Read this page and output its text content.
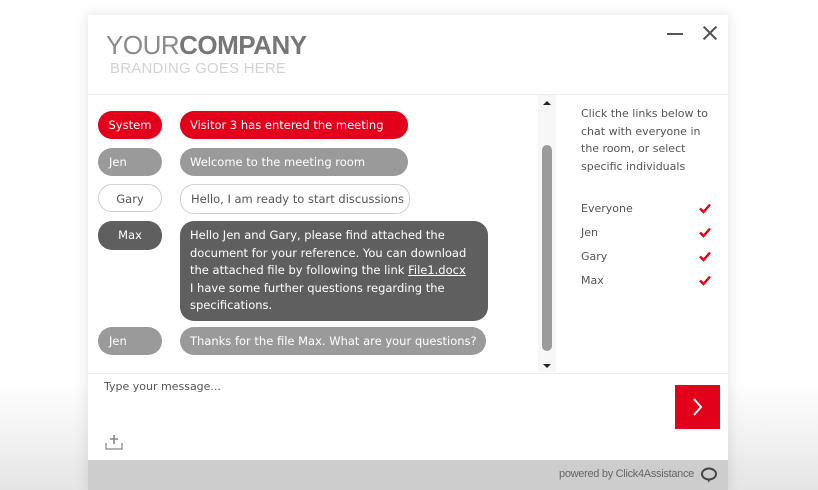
YOURCOMPANY
BRANDING GOES HERE
System	Visitor 3 has entered the meeting
Jen	Welcome to the meeting room
Gary	Hello, I am ready to start discussions
Max	Hello Jen and Gary, please find attached the document for your reference. You can download the attached file by following the link File1.docx
I have some further questions regarding the specifications.
Jen	Thanks for the file Max. What are your questions?
Click the links below to chat with everyone in the room, or select specific individuals
Everyone
Jen
Gary
Max
Type your message...
powered by Click4Assistance
